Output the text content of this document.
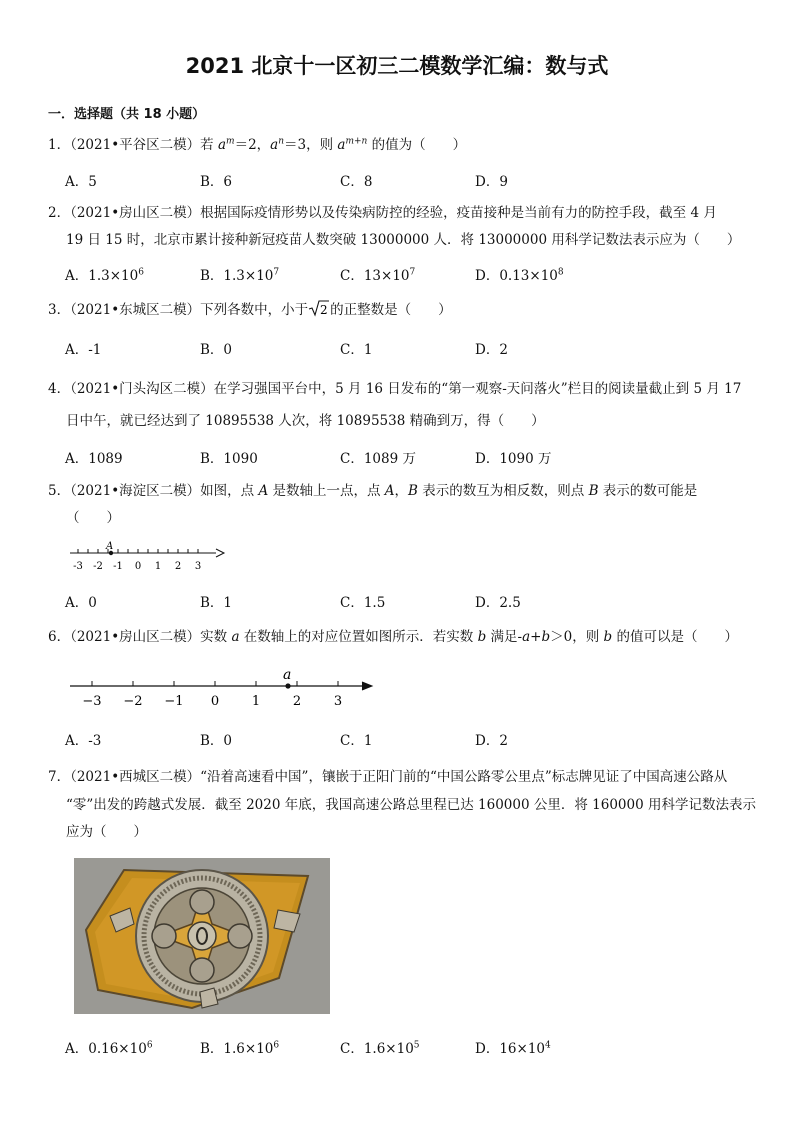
2021 北京十一区初三二模数学汇编：数与式
一．选择题（共 18 小题）
1．（2021•平谷区二模）若 $a^m=2$，$a^n=3$，则 $a^{m+n}$ 的值为（　　）
A．5	B．6	C．8	D．9
2．（2021•房山区二模）根据国际疫情形势以及传染病防控的经验，疫苗接种是当前有力的防控手段，截至 4 月
19 日 15 时，北京市累计接种新冠疫苗人数突破 13000000 人．将 13000000 用科学记数法表示应为（　　）
A．$1.3\times 10^6$	B．$1.3\times 10^7$	C．$13\times 10^7$	D．$0.13\times 10^8$
3．（2021•东城区二模）下列各数中，小于 2 的正整数是（　　）
A．-1	B．0	C．1	D．2
4．（2021•门头沟区二模）在学习强国平台中，5 月 16 日发布的“第一观察-天问落火”栏目的阅读量截止到 5 月 17
日中午，就已经达到了 10895538 人次，将 10895538 精确到万，得（　　）
A．1089	B．1090	C．1089 万	D．1090 万
5．（2021•海淀区二模）如图，点 A 是数轴上一点，点 A，B 表示的数互为相反数，则点 B 表示的数可能是
（　　）
-3 -2 -1 0 1 2 3
A
A．0	B．1	C．1.5	D．2.5
6．（2021•房山区二模）实数 a 在数轴上的对应位置如图所示．若实数 b 满足-a+b＞0，则 b 的值可以是（　　）
−3 −2 −1 0	1	2	3
a
A．-3	B．0	C．1	D．2
7．（2021•西城区二模）“沿着高速看中国”，镶嵌于正阳门前的“中国公路零公里点”标志牌见证了中国高速公路从
“零”出发的跨越式发展．截至 2020 年底，我国高速公路总里程已达 160000 公里．将 160000 用科学记数法表示
应为（　　）
A．$0.16\times 10^6$	B．$1.6\times 10^6$	C．$1.6\times 10^5$	D．$16\times 10^4$
